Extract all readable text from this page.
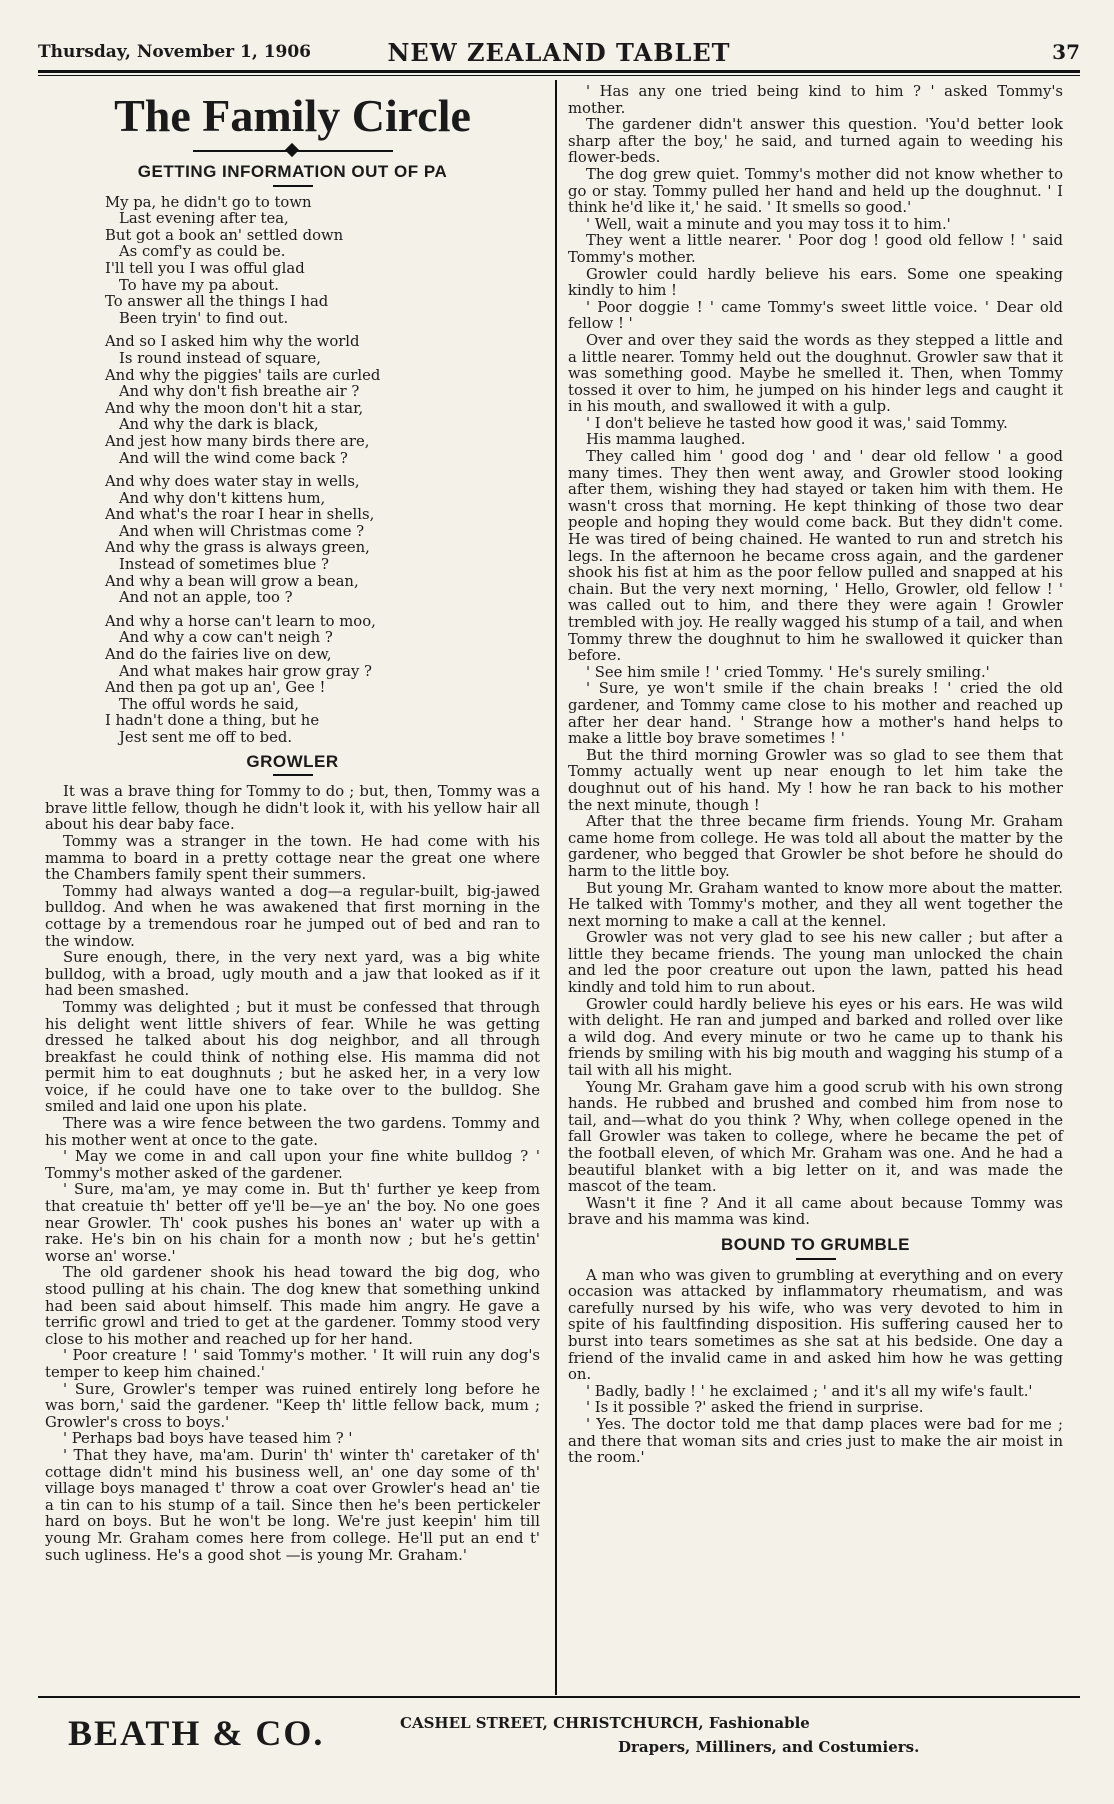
Thursday, November 1, 1906	NEW ZEALAND TABLET	37
The Family Circle
GETTING INFORMATION OUT OF PA
My pa, he didn't go to town
Last evening after tea,
But got a book an' settled down
As comf'y as could be.
I'll tell you I was offul glad
To have my pa about.
To answer all the things I had
Been tryin' to find out.
And so I asked him why the world
Is round instead of square,
And why the piggies' tails are curled
And why don't fish breathe air ?
And why the moon don't hit a star,
And why the dark is black,
And jest how many birds there are,
And will the wind come back ?
And why does water stay in wells,
And why don't kittens hum,
And what's the roar I hear in shells,
And when will Christmas come ?
And why the grass is always green,
Instead of sometimes blue ?
And why a bean will grow a bean,
And not an apple, too ?
And why a horse can't learn to moo,
And why a cow can't neigh ?
And do the fairies live on dew,
And what makes hair grow gray ?
And then pa got up an', Gee !
The offul words he said,
I hadn't done a thing, but he
Jest sent me off to bed.
GROWLER

It was a brave thing for Tommy to do ; but, then, Tommy was a brave little fellow, though he didn't look it, with his yellow hair all about his dear baby face.

Tommy was a stranger in the town. He had come with his mamma to board in a pretty cottage near the great one where the Chambers family spent their summers.

Tommy had always wanted a dog—a regular-built, big-jawed bulldog. And when he was awakened that first morning in the cottage by a tremendous roar he jumped out of bed and ran to the window.

Sure enough, there, in the very next yard, was a big white bulldog, with a broad, ugly mouth and a jaw that looked as if it had been smashed.

Tommy was delighted ; but it must be confessed that through his delight went little shivers of fear. While he was getting dressed he talked about his dog neighbor, and all through breakfast he could think of nothing else. His mamma did not permit him to eat doughnuts ; but he asked her, in a very low voice, if he could have one to take over to the bulldog. She smiled and laid one upon his plate.

There was a wire fence between the two gardens. Tommy and his mother went at once to the gate.

' May we come in and call upon your fine white bulldog ? ' Tommy's mother asked of the gardener.

' Sure, ma'am, ye may come in. But th' further ye keep from that creatuie th' better off ye'll be—ye an' the boy. No one goes near Growler. Th' cook pushes his bones an' water up with a rake. He's bin on his chain for a month now ; but he's gettin' worse an' worse.'

The old gardener shook his head toward the big dog, who stood pulling at his chain. The dog knew that something unkind had been said about himself. This made him angry. He gave a terrific growl and tried to get at the gardener. Tommy stood very close to his mother and reached up for her hand.

' Poor creature ! ' said Tommy's mother. ' It will ruin any dog's temper to keep him chained.'

' Sure, Growler's temper was ruined entirely long before he was born,' said the gardener. "Keep th' little fellow back, mum ; Growler's cross to boys.'

' Perhaps bad boys have teased him ? '

' That they have, ma'am. Durin' th' winter th' caretaker of th' cottage didn't mind his business well, an' one day some of th' village boys managed t' throw a coat over Growler's head an' tie a tin can to his stump of a tail. Since then he's been pertickeler hard on boys. But he won't be long. We're just keepin' him till young Mr. Graham comes here from college. He'll put an end t' such ugliness. He's a good shot —is young Mr. Graham.'

' Has any one tried being kind to him ? ' asked Tommy's mother.

The gardener didn't answer this question. 'You'd better look sharp after the boy,' he said, and turned again to weeding his flower-beds.

The dog grew quiet. Tommy's mother did not know whether to go or stay. Tommy pulled her hand and held up the doughnut. ' I think he'd like it,' he said. ' It smells so good.'

' Well, wait a minute and you may toss it to him.'

They went a little nearer. ' Poor dog ! good old fellow ! ' said Tommy's mother.

Growler could hardly believe his ears. Some one speaking kindly to him !

' Poor doggie ! ' came Tommy's sweet little voice. ' Dear old fellow ! '

Over and over they said the words as they stepped a little and a little nearer. Tommy held out the doughnut. Growler saw that it was something good. Maybe he smelled it. Then, when Tommy tossed it over to him, he jumped on his hinder legs and caught it in his mouth, and swallowed it with a gulp.

' I don't believe he tasted how good it was,' said Tommy.

His mamma laughed.

They called him ' good dog ' and ' dear old fellow ' a good many times. They then went away, and Growler stood looking after them, wishing they had stayed or taken him with them. He wasn't cross that morning. He kept thinking of those two dear people and hoping they would come back. But they didn't come. He was tired of being chained. He wanted to run and stretch his legs. In the afternoon he became cross again, and the gardener shook his fist at him as the poor fellow pulled and snapped at his chain. But the very next morning, ' Hello, Growler, old fellow ! ' was called out to him, and there they were again ! Growler trembled with joy. He really wagged his stump of a tail, and when Tommy threw the doughnut to him he swallowed it quicker than before.

' See him smile ! ' cried Tommy. ' He's surely smiling.'

' Sure, ye won't smile if the chain breaks ! ' cried the old gardener, and Tommy came close to his mother and reached up after her dear hand. ' Strange how a mother's hand helps to make a little boy brave sometimes ! '

But the third morning Growler was so glad to see them that Tommy actually went up near enough to let him take the doughnut out of his hand. My ! how he ran back to his mother the next minute, though !

After that the three became firm friends. Young Mr. Graham came home from college. He was told all about the matter by the gardener, who begged that Growler be shot before he should do harm to the little boy.

But young Mr. Graham wanted to know more about the matter. He talked with Tommy's mother, and they all went together the next morning to make a call at the kennel.

Growler was not very glad to see his new caller ; but after a little they became friends. The young man unlocked the chain and led the poor creature out upon the lawn, patted his head kindly and told him to run about.

Growler could hardly believe his eyes or his ears. He was wild with delight. He ran and jumped and barked and rolled over like a wild dog. And every minute or two he came up to thank his friends by smiling with his big mouth and wagging his stump of a tail with all his might.

Young Mr. Graham gave him a good scrub with his own strong hands. He rubbed and brushed and combed him from nose to tail, and—what do you think ? Why, when college opened in the fall Growler was taken to college, where he became the pet of the football eleven, of which Mr. Graham was one. And he had a beautiful blanket with a big letter on it, and was made the mascot of the team.

Wasn't it fine ? And it all came about because Tommy was brave and his mamma was kind.

BOUND TO GRUMBLE

A man who was given to grumbling at everything and on every occasion was attacked by inflammatory rheumatism, and was carefully nursed by his wife, who was very devoted to him in spite of his faultfinding disposition. His suffering caused her to burst into tears sometimes as she sat at his bedside. One day a friend of the invalid came in and asked him how he was getting on.

' Badly, badly ! ' he exclaimed ; ' and it's all my wife's fault.'

' Is it possible ?' asked the friend in surprise.

' Yes. The doctor told me that damp places were bad for me ; and there that woman sits and cries just to make the air moist in the room.'

BEATH & CO.	CASHEL STREET, CHRISTCHURCH, Fashionable
Drapers, Milliners, and Costumiers.
